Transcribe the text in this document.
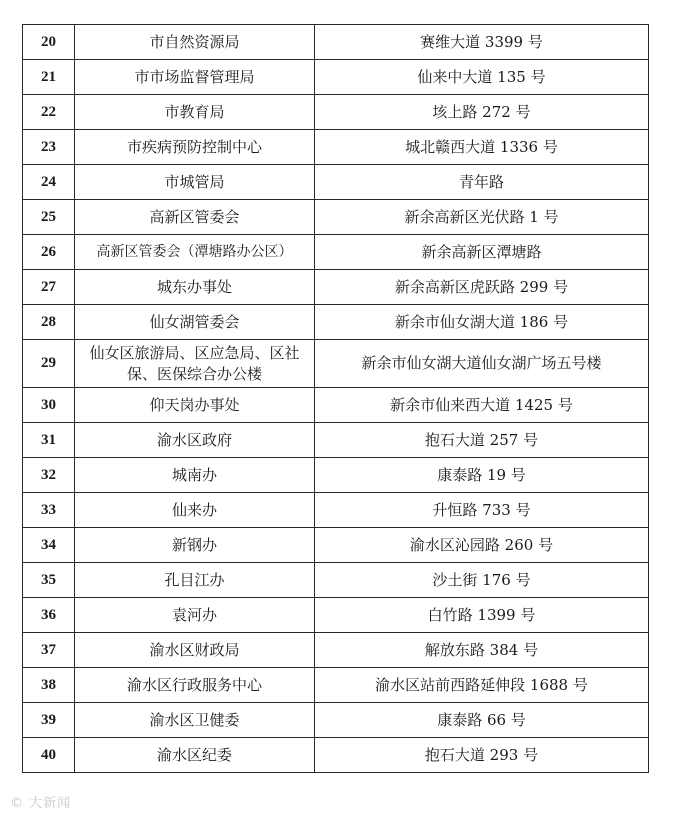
20	市自然资源局	赛维大道 3399 号
21	市市场监督管理局	仙来中大道 135 号
22	市教育局	垓上路 272 号
23	市疾病预防控制中心	城北赣西大道 1336 号
24	市城管局	青年路
25	高新区管委会	新余高新区光伏路 1 号
26	高新区管委会（潭塘路办公区）	新余高新区潭塘路
27	城东办事处	新余高新区虎跃路 299 号
28	仙女湖管委会	新余市仙女湖大道 186 号
29	仙女区旅游局、区应急局、区社
保、医保综合办公楼	新余市仙女湖大道仙女湖广场五号楼
30	仰天岗办事处	新余市仙来西大道 1425 号
31	渝水区政府	抱石大道 257 号
32	城南办	康泰路 19 号
33	仙来办	升恒路 733 号
34	新钢办	渝水区沁园路 260 号
35	孔目江办	沙土街 176 号
36	袁河办	白竹路 1399 号
37	渝水区财政局	解放东路 384 号
38	渝水区行政服务中心	渝水区站前西路延伸段 1688 号
39	渝水区卫健委	康泰路 66 号
40	渝水区纪委	抱石大道 293 号
© 大新闻
